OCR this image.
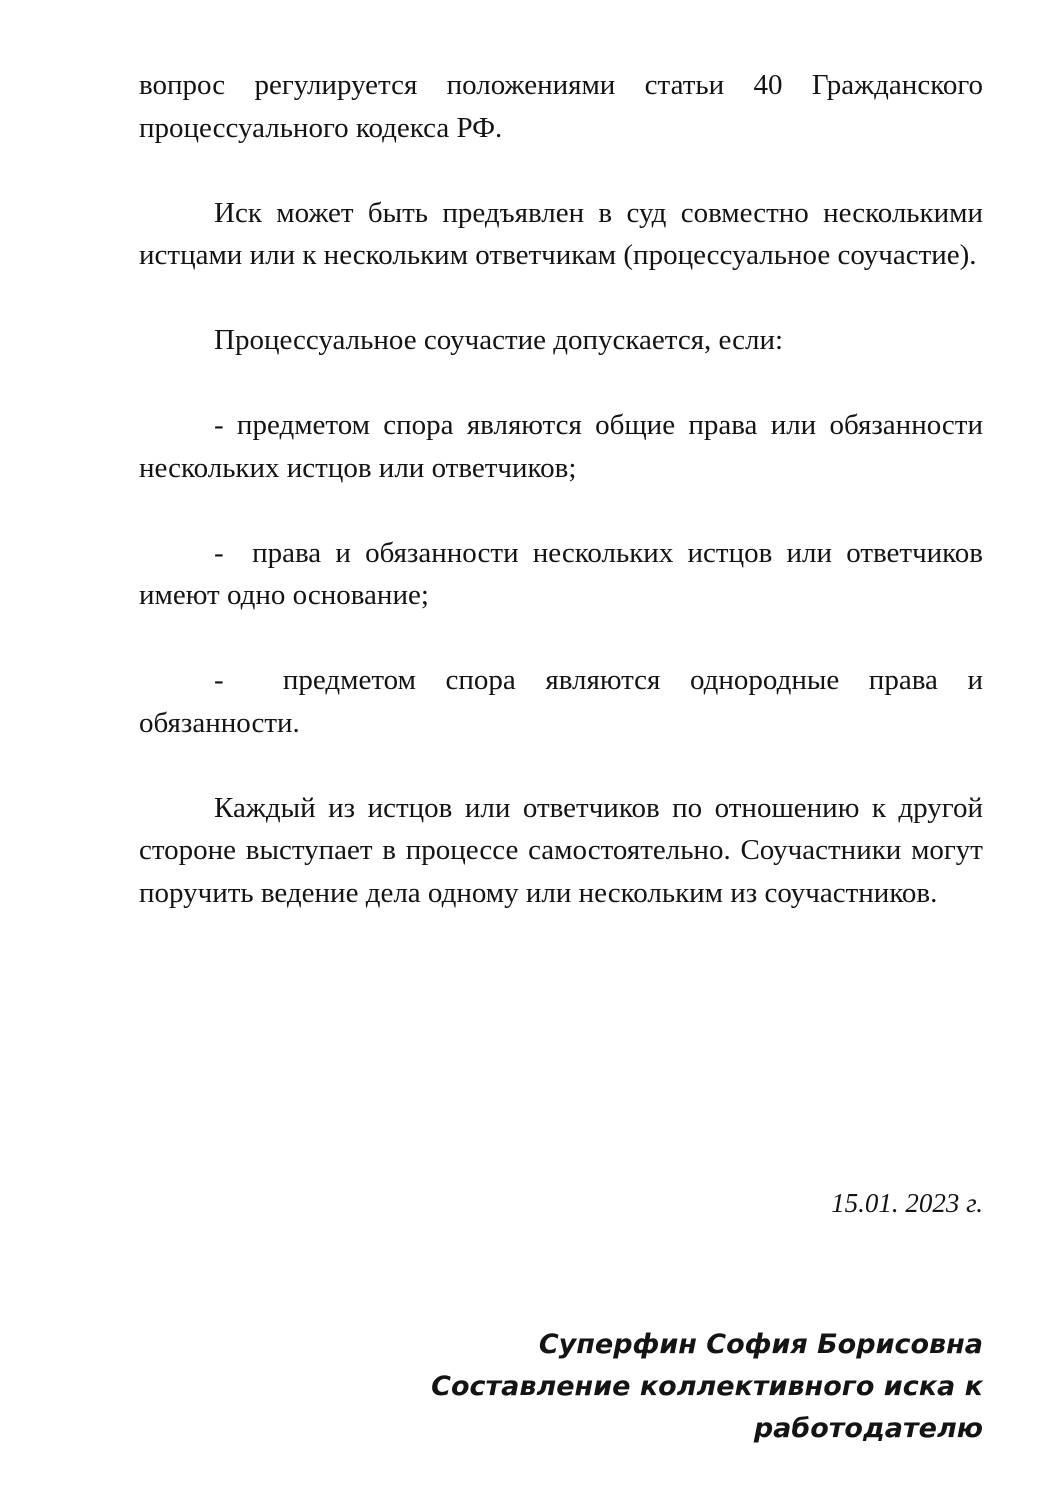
вопрос регулируется положениями статьи 40 Гражданского процессуального кодекса РФ.

Иск может быть предъявлен в суд совместно несколькими истцами или к нескольким ответчикам (процессуальное соучастие).

Процессуальное соучастие допускается, если:

- предметом спора являются общие права или обязанности нескольких истцов или ответчиков;

-  права и обязанности нескольких истцов или ответчиков имеют одно основание;

-  предметом спора являются однородные права и обязанности.

Каждый из истцов или ответчиков по отношению к другой стороне выступает в процессе самостоятельно. Соучастники могут поручить ведение дела одному или нескольким из соучастников.

15.01. 2023 г.
Суперфин София Борисовна
Составление коллективного иска к
работодателю
